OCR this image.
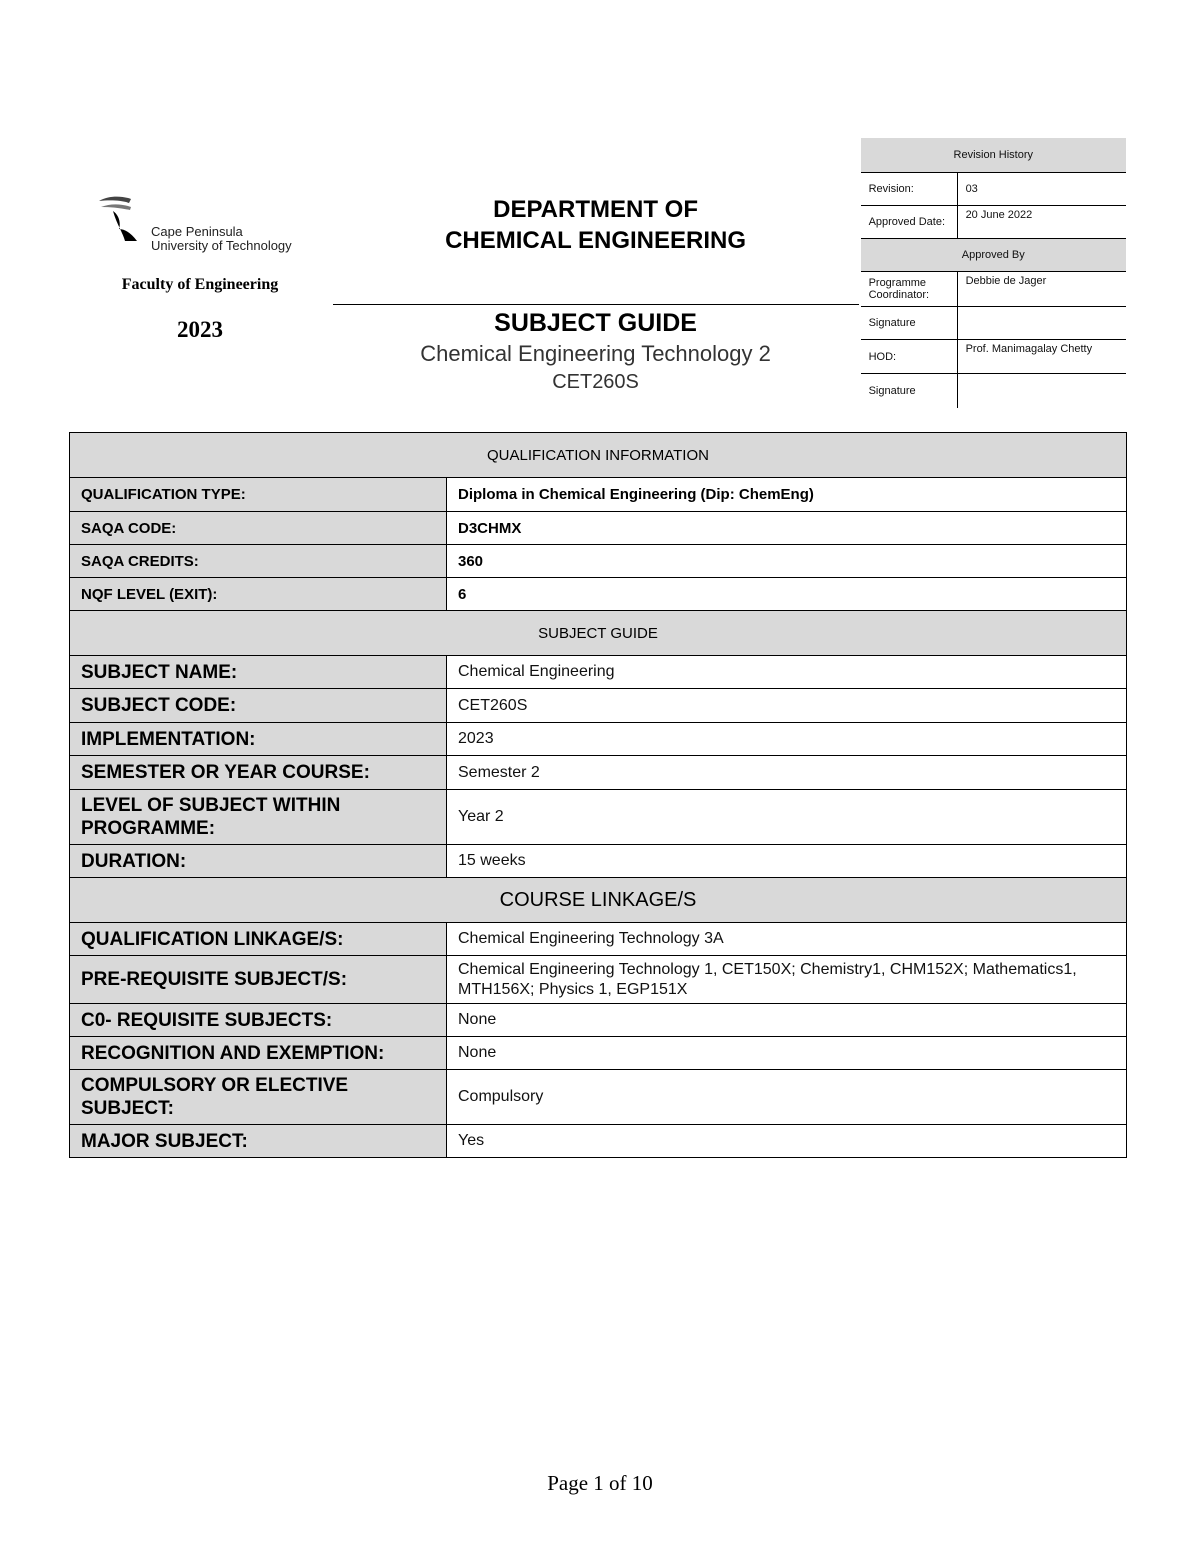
Cape Peninsula
University of Technology
Faculty of Engineering
2023

DEPARTMENT OF
CHEMICAL ENGINEERING
SUBJECT GUIDE
Chemical Engineering Technology 2
CET260S

Revision History
Revision:	03
Approved Date:	20 June 2022
Approved By
Programme Coordinator:	Debbie de Jager
Signature	
HOD:	Prof. Manimagalay Chetty
Signature	

QUALIFICATION INFORMATION	
QUALIFICATION TYPE:	Diploma in Chemical Engineering (Dip: ChemEng)
SAQA CODE:	D3CHMX
SAQA CREDITS:	360
NQF LEVEL (EXIT):	6
SUBJECT GUIDE	
SUBJECT NAME:	Chemical Engineering
SUBJECT CODE:	CET260S
IMPLEMENTATION:	2023
SEMESTER OR YEAR COURSE:	Semester 2
LEVEL OF SUBJECT WITHIN PROGRAMME:	Year 2
DURATION:	15 weeks
COURSE LINKAGE/S	
QUALIFICATION LINKAGE/S:	Chemical Engineering Technology 3A
PRE-REQUISITE SUBJECT/S:	Chemical Engineering Technology 1, CET150X; Chemistry1, CHM152X; Mathematics1, MTH156X; Physics 1, EGP151X
C0- REQUISITE SUBJECTS:	None
RECOGNITION AND EXEMPTION:	None
COMPULSORY OR ELECTIVE SUBJECT:	Compulsory
MAJOR SUBJECT:	Yes
Page 1 of 10
